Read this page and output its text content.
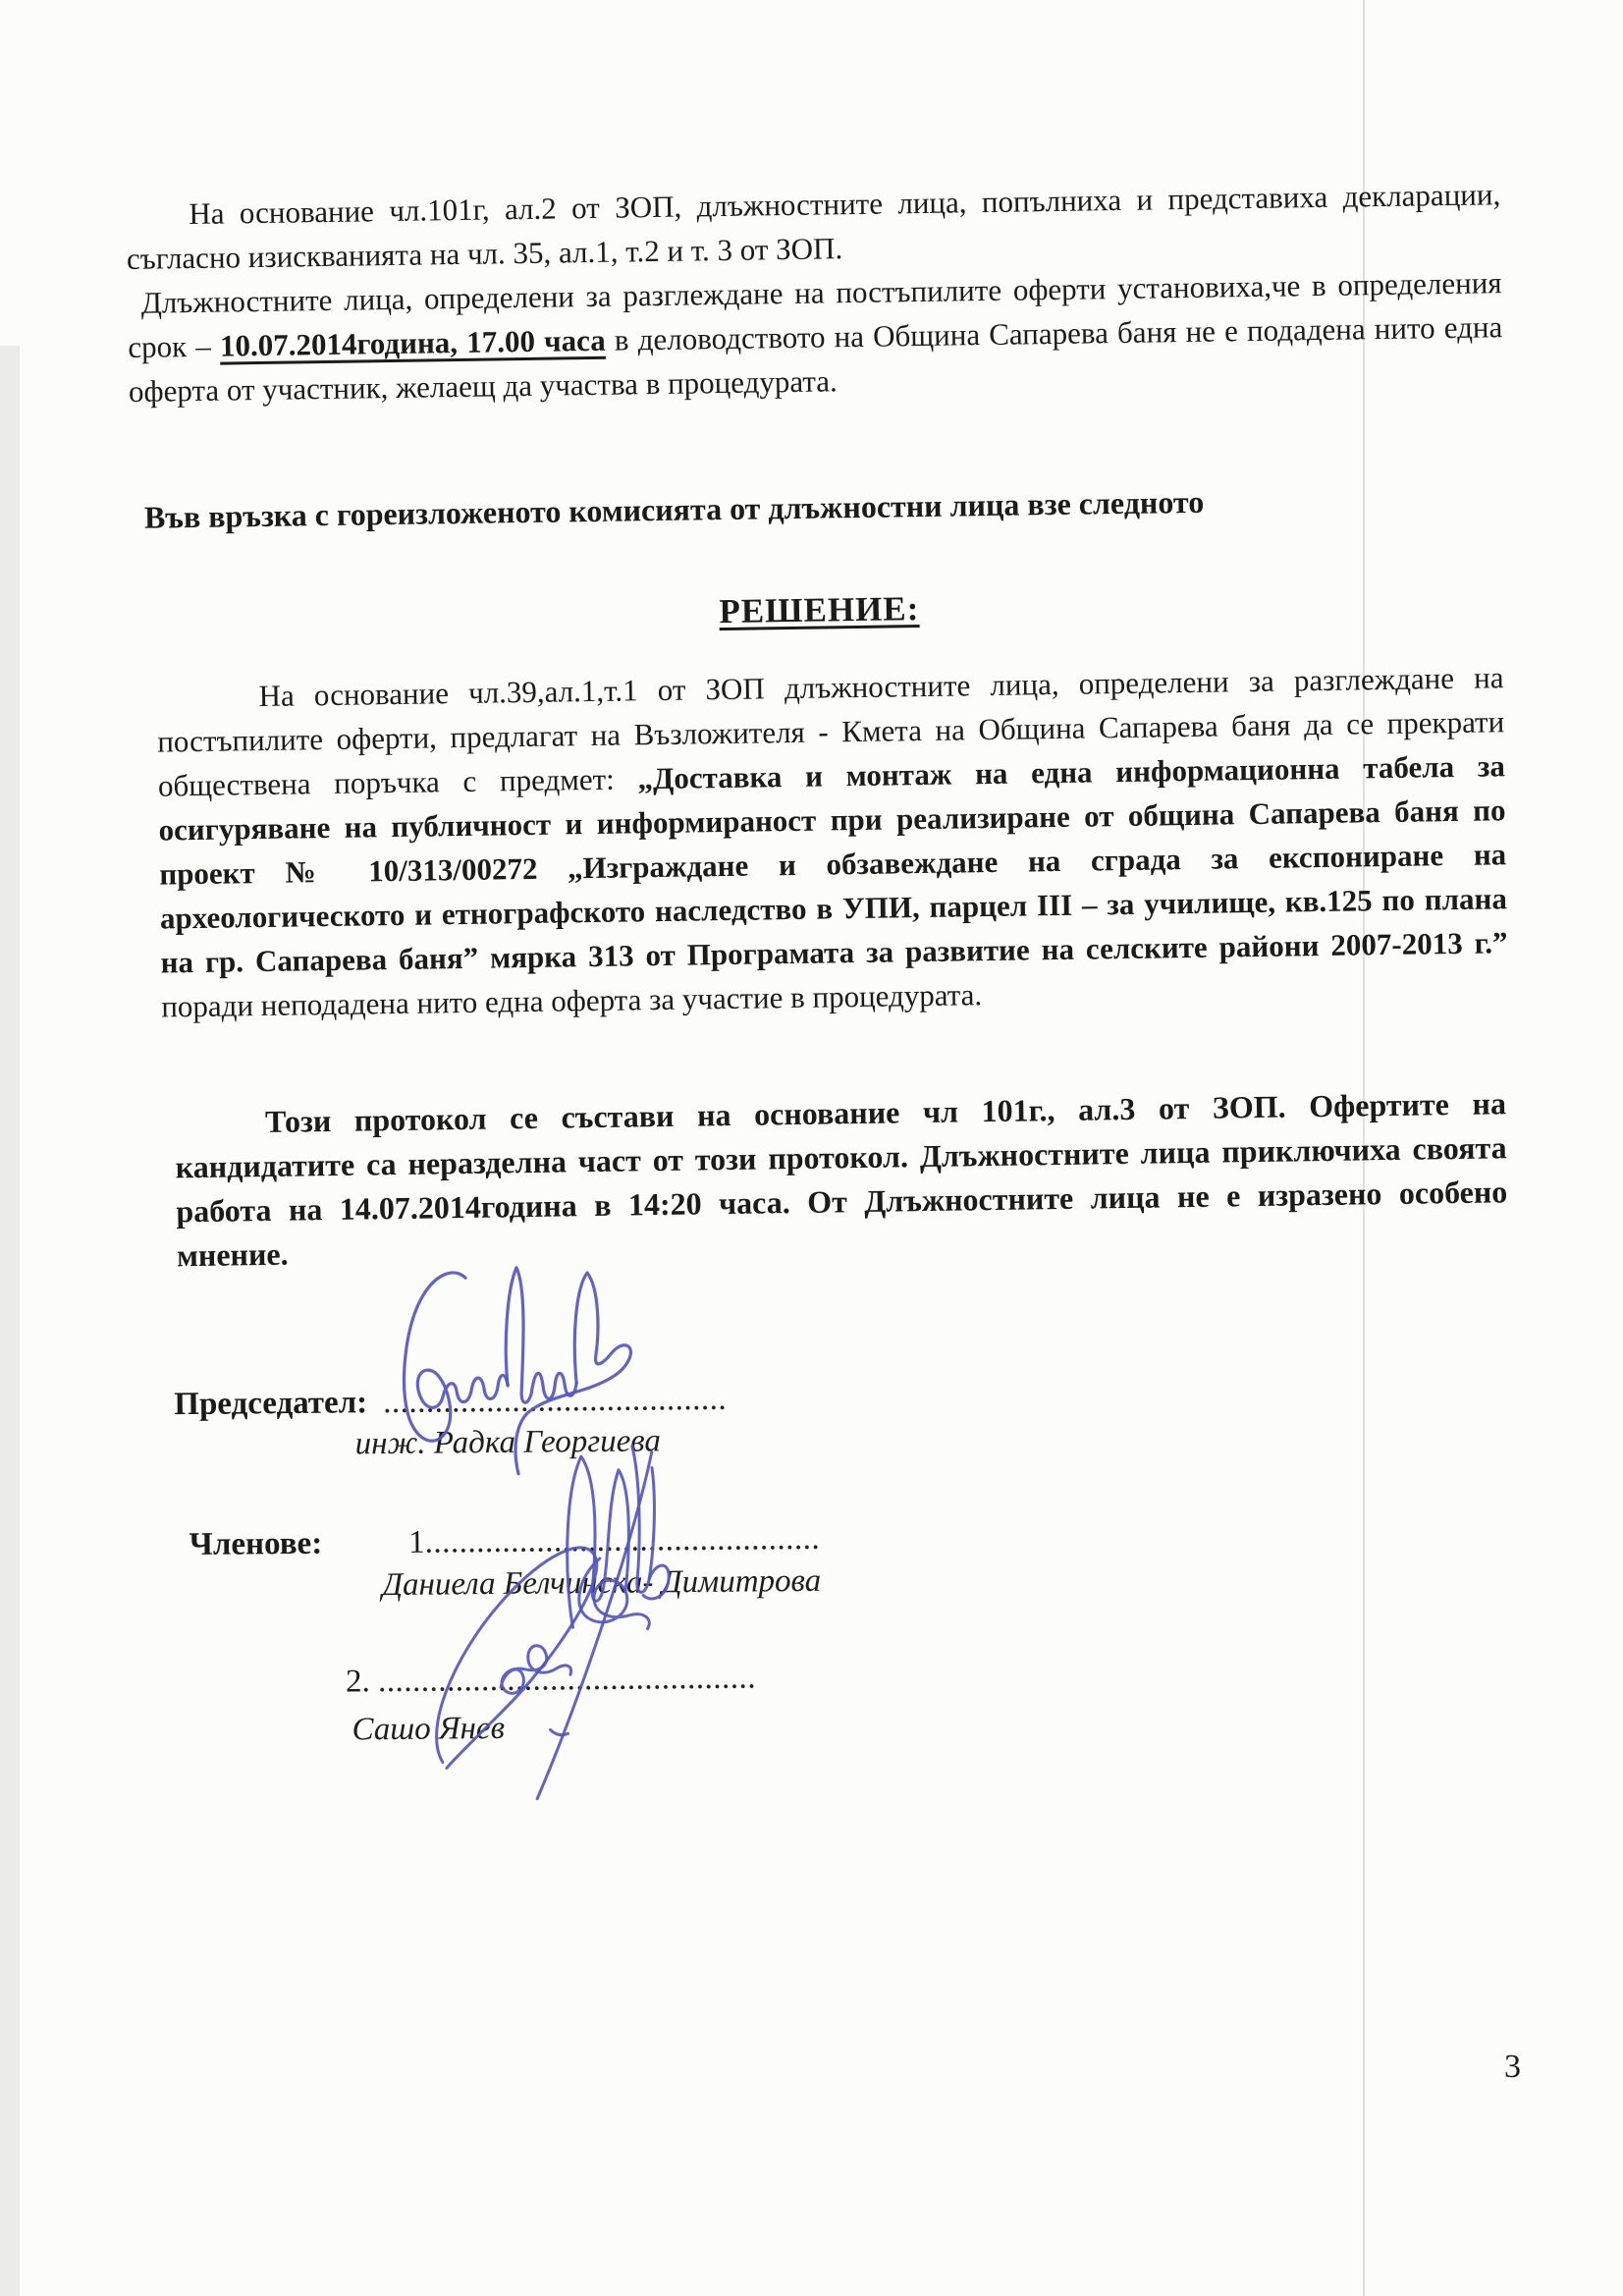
На основание чл.101г, ал.2 от ЗОП, длъжностните лица, попълниха и представиха декларации, съгласно изискванията на чл. 35, ал.1, т.2 и т. 3 от ЗОП.

Длъжностните лица, определени за разглеждане на постъпилите оферти установиха,че в определения срок – 10.07.2014година, 17.00 часа в деловодството на Община Сапарева баня не е подадена нито една оферта от участник, желаещ да участва в процедурата.

Във връзка с гореизложеното комисията от длъжностни лица взе следното

РЕШЕНИЕ:

На основание чл.39,ал.1,т.1 от ЗОП длъжностните лица, определени за разглеждане на постъпилите оферти, предлагат на Възложителя - Кмета на Община Сапарева баня да се прекрати обществена поръчка с предмет: „Доставка и монтаж на една информационна табела за осигуряване на публичност и информираност при реализиране от община Сапарева баня по проект № 10/313/00272 „Изграждане и обзавеждане на сграда за експониране на археологическото и етнографското наследство в УПИ, парцел III – за училище, кв.125 по плана на гр. Сапарева баня” мярка 313 от Програмата за развитие на селските райони 2007-2013 г.” поради неподадена нито една оферта за участие в процедурата.

Този протокол се състави на основание чл 101г., ал.3 от ЗОП. Офертите на кандидатите са неразделна част от този протокол. Длъжностните лица приключиха своята работа на 14.07.2014година в 14:20 часа. От Длъжностните лица не е изразено особено мнение.

Председател: ........................................
инж. Радка Георгиева
Членове:	1..............................................
Даниела Белчинска- Димитрова
2. ............................................
Сашо Янев
3
